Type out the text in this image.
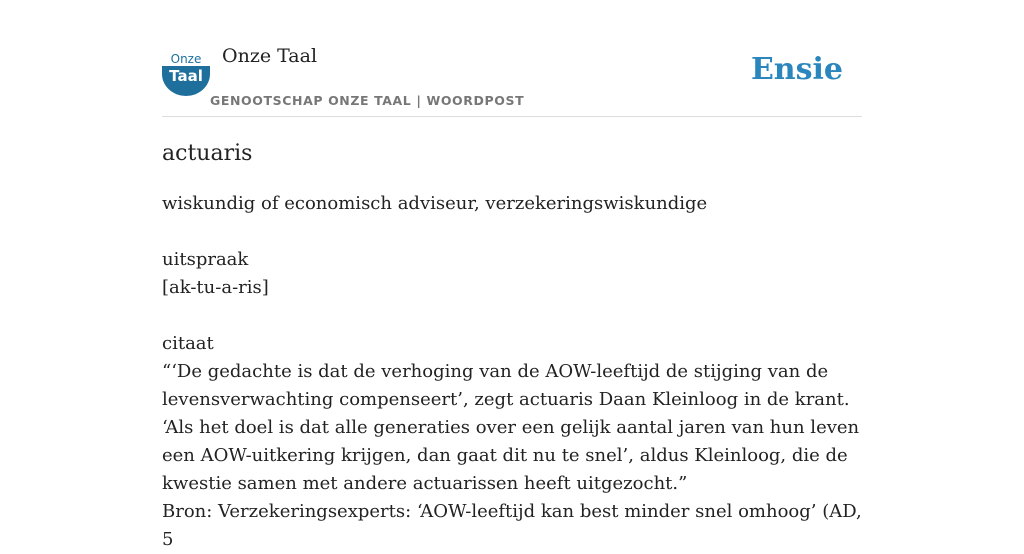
Onze
Taal
Onze Taal
GENOOTSCHAP ONZE TAAL | WOORDPOST
Ensie
actuaris

wiskundig of economisch adviseur, verzekeringswiskundige

uitspraak

[ak-tu-a-ris]

citaat

“‘De gedachte is dat de verhoging van de AOW-leeftijd de stijging van de levensverwachting compenseert’, zegt actuaris Daan Kleinloog in de krant. ‘Als het doel is dat alle generaties over een gelijk aantal jaren van hun leven een AOW-uitkering krijgen, dan gaat dit nu te snel’, aldus Kleinloog, die de kwestie samen met andere actuarissen heeft uitgezocht.”

Bron: Verzekeringsexperts: ‘AOW-leeftijd kan best minder snel omhoog’ (AD, 5
